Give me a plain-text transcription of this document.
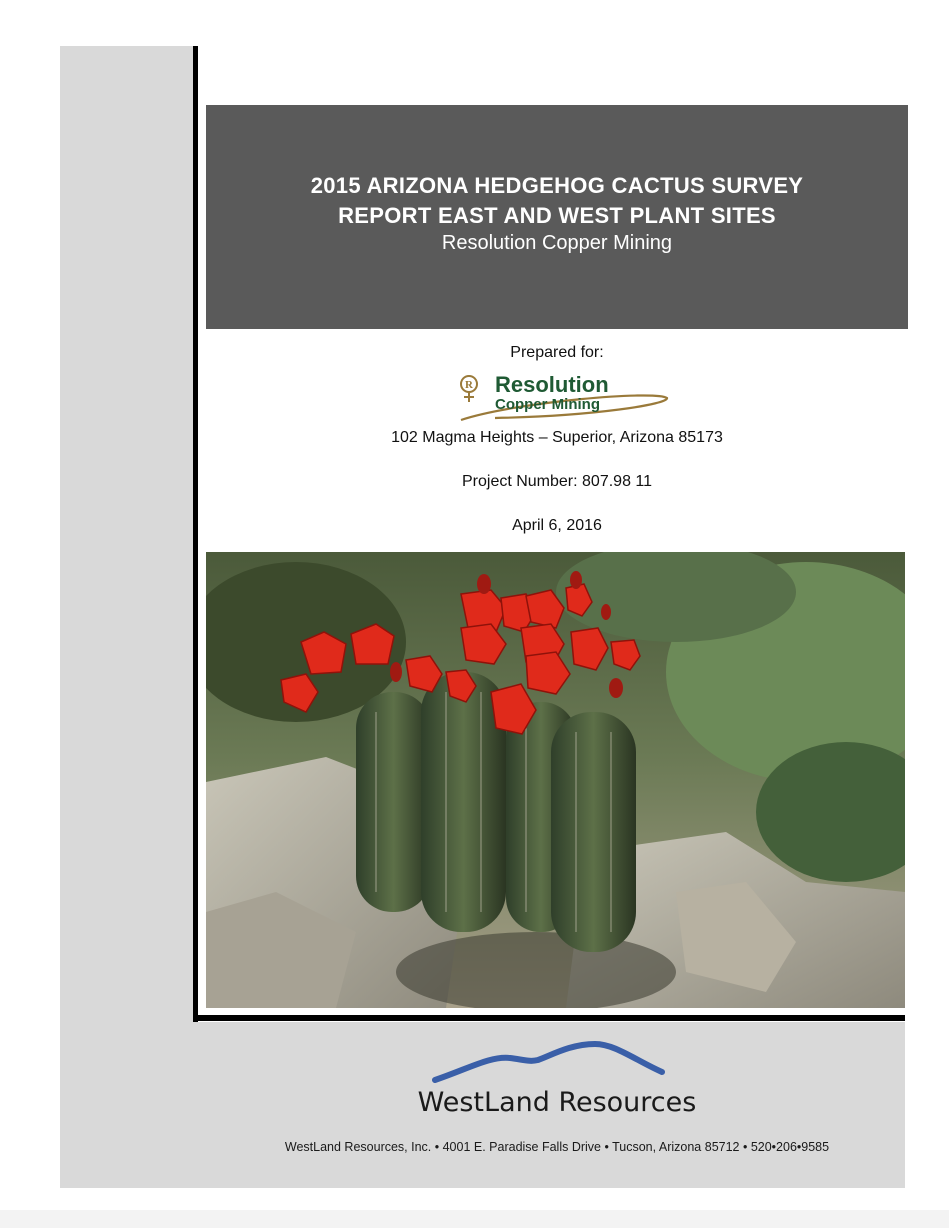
2015 ARIZONA HEDGEHOG CACTUS SURVEY
REPORT EAST AND WEST PLANT SITES
Resolution Copper Mining
Prepared for:
R Resolution
Copper Mining
102 Magma Heights – Superior, Arizona 85173
Project Number: 807.98 11
April 6, 2016
WestLand Resources
WestLand Resources, Inc. • 4001 E. Paradise Falls Drive • Tucson, Arizona 85712 • 520•206•9585
